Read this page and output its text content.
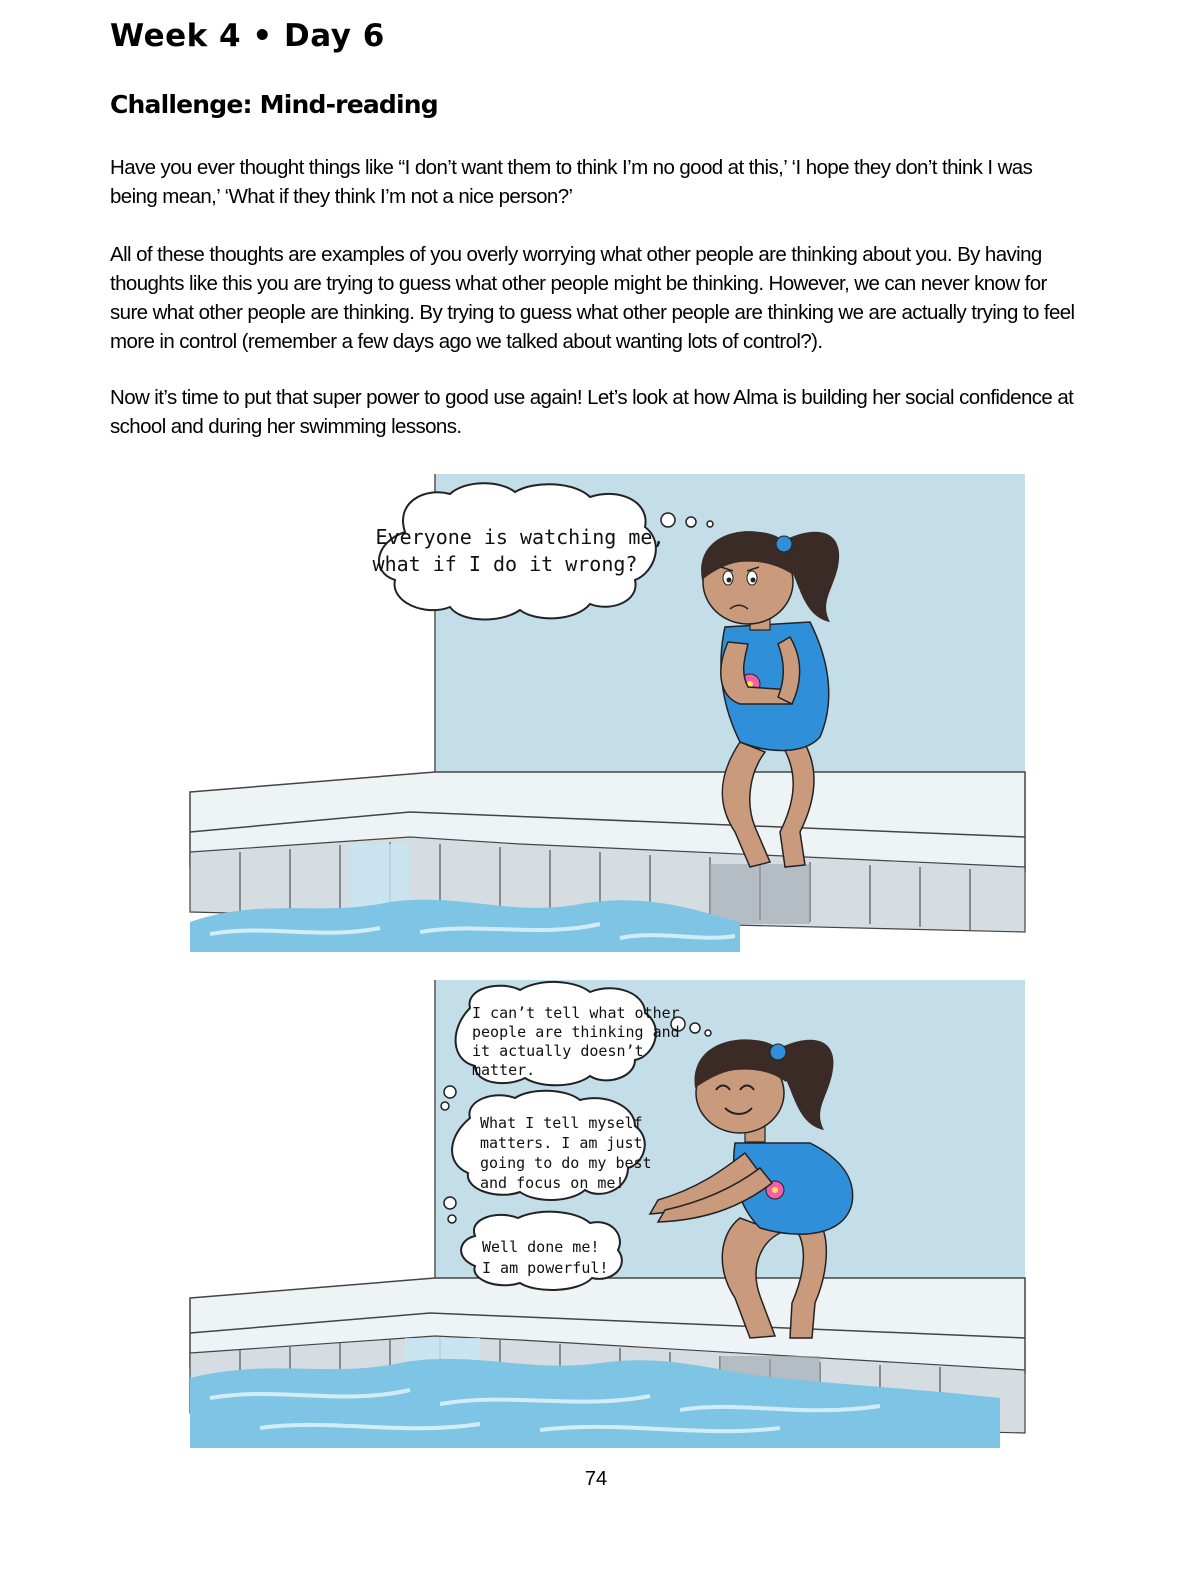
Week 4 • Day 6
Challenge: Mind-reading

Have you ever thought things like “I don’t want them to think I’m no good at this,’ ‘I hope they don’t think I was being mean,’ ‘What if they think I’m not a nice person?’

All of these thoughts are examples of you overly worrying what other people are thinking about you. By having thoughts like this you are trying to guess what other people might be thinking. However, we can never know for sure what other people are thinking. By trying to guess what other people are thinking we are actually trying to feel more in control (remember a few days ago we talked about wanting lots of control?).

Now it’s time to put that super power to good use again! Let’s look at how Alma is building her social confidence at school and during her swimming lessons.

Everyone is watching me,
what if I do it wrong?
I can’t tell what other
people are thinking and
it actually doesn’t
matter.
What I tell myself
matters. I am just
going to do my best
and focus on me!
Well done me!
I am powerful!
74
